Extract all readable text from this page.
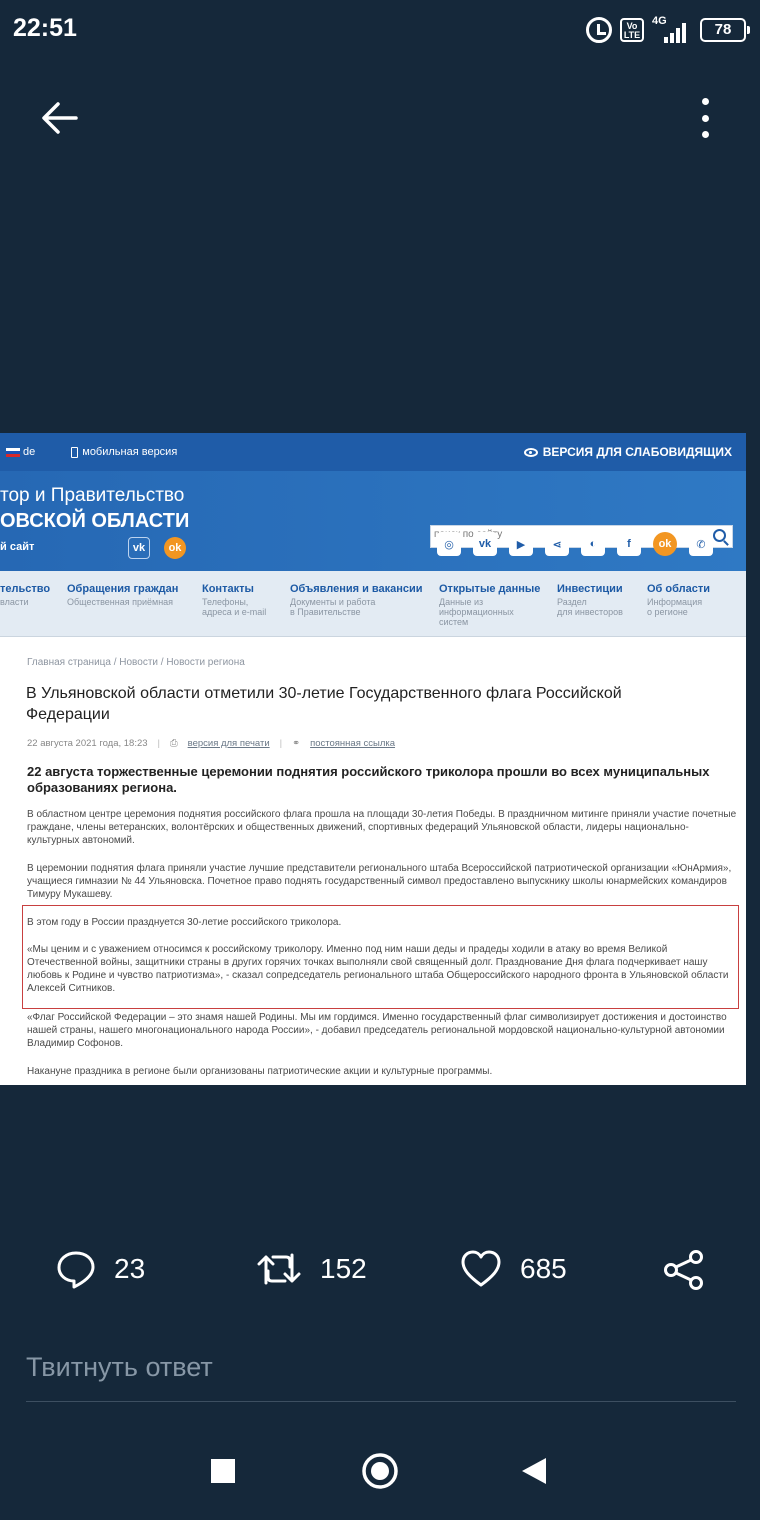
22:51	Vo LTE
4G	78
de	мобильная версия	ВЕРСИЯ ДЛЯ СЛАБОВИДЯЩИХ
тор и Правительство
ОВСКОЙ ОБЛАСТИ
й сайт	vk	ok
поиск по сайту	◎	vk	▶	⋖	◐	f	ok	✆
тельство
власти
Обращения граждан
Общественная приёмная
Контакты
Телефоны,
адреса и e-mail
Объявления и вакансии
Документы и работа
в Правительстве
Открытые данные
Данные из
информационных
систем
Инвестиции
Раздел
для инвесторов
Об области
Информация
о регионе
Главная страница / Новости / Новости региона
В Ульяновской области отметили 30-летие Государственного флага Российской Федерации
22 августа 2021 года, 18:23 | ⎙ версия для печати | ⚭ постоянная ссылка
22 августа торжественные церемонии поднятия российского триколора прошли во всех муниципальных образованиях региона.
В областном центре церемония поднятия российского флага прошла на площади 30-летия Победы. В праздничном митинге приняли участие почетные граждане, члены ветеранских, волонтёрских и общественных движений, спортивных федераций Ульяновской области, лидеры национально-культурных автономий.
В церемонии поднятия флага приняли участие лучшие представители регионального штаба Всероссийской патриотической организации «ЮнАрмия», учащиеся гимназии № 44 Ульяновска. Почетное право поднять государственный символ предоставлено выпускнику школы юнармейских командиров Тимуру Мукашеву.
В этом году в России празднуется 30-летие российского триколора.
«Мы ценим и с уважением относимся к российскому триколору. Именно под ним наши деды и прадеды ходили в атаку во время Великой Отечественной войны, защитники страны в других горячих точках выполняли свой священный долг. Празднование Дня флага подчеркивает нашу любовь к Родине и чувство патриотизма», - сказал сопредседатель регионального штаба Общероссийского народного фронта в Ульяновской области Алексей Ситников.
«Флаг Российской Федерации – это знамя нашей Родины. Мы им гордимся. Именно государственный флаг символизирует достижения и достоинство нашей страны, нашего многонационального народа России», - добавил председатель региональной мордовской национально-культурной автономии Владимир Софонов.
Накануне праздника в регионе были организованы патриотические акции и культурные программы.
23	152	685
Твитнуть ответ
